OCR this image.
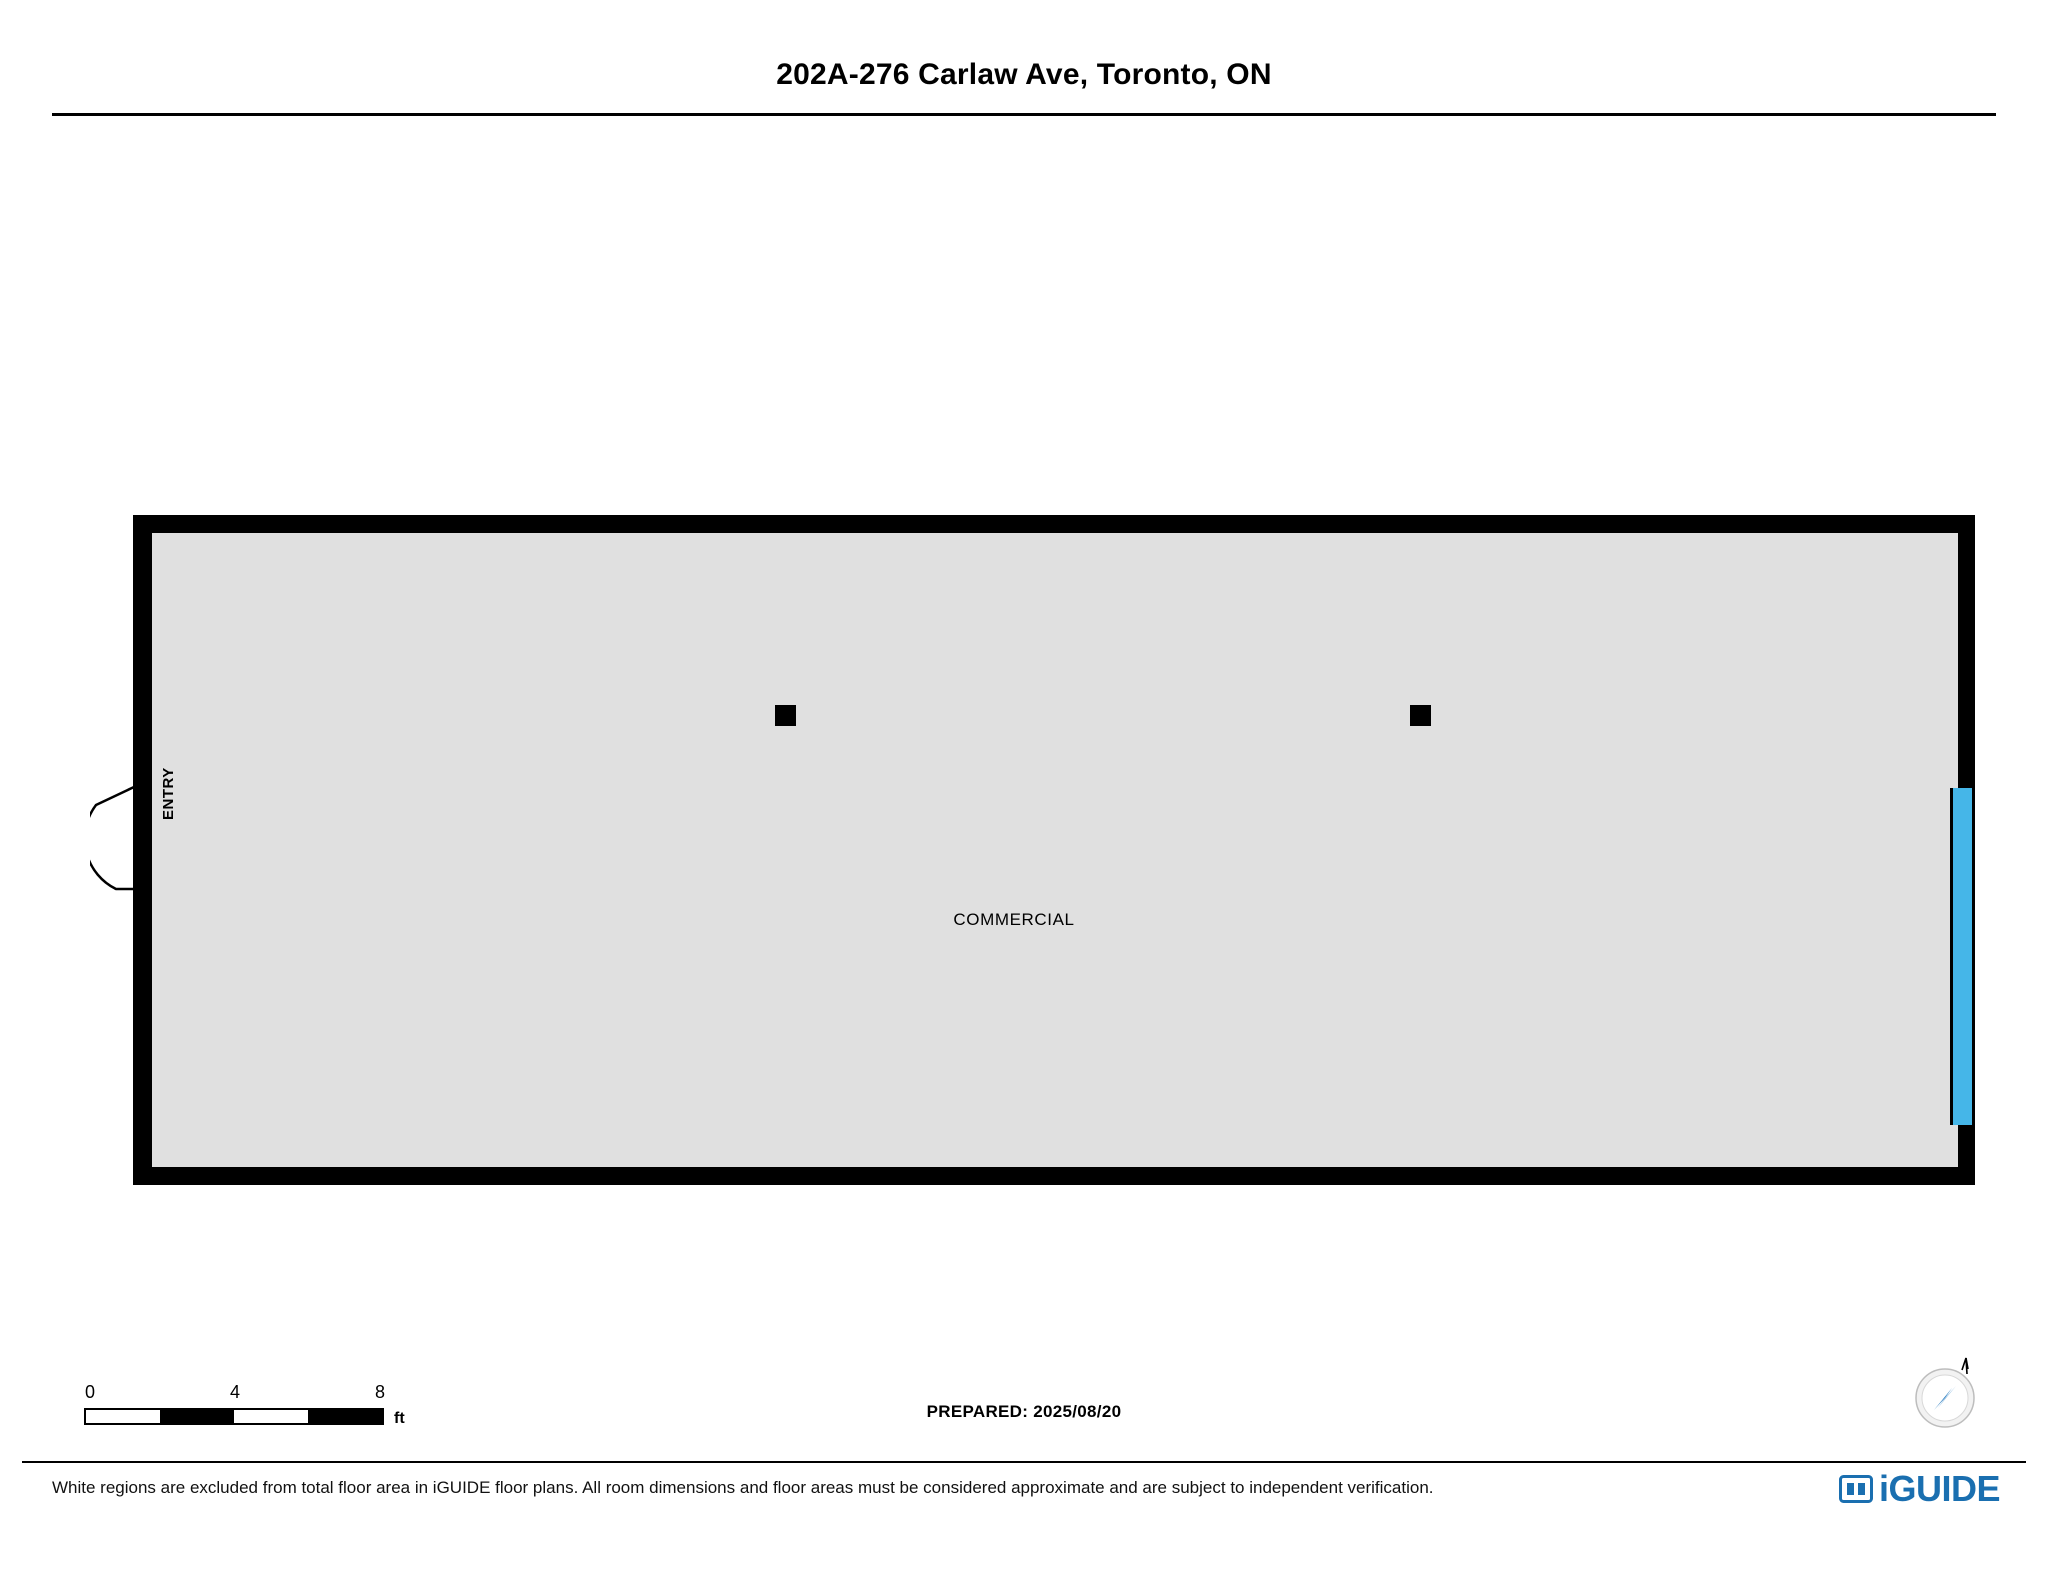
202A-276 Carlaw Ave, Toronto, ON
ENTRY
COMMERCIAL
0	4	8
ft	PREPARED: 2025/08/20
White regions are excluded from total floor area in iGUIDE floor plans. All room dimensions and floor areas must be considered approximate and are subject to independent verification.	iGUIDE
